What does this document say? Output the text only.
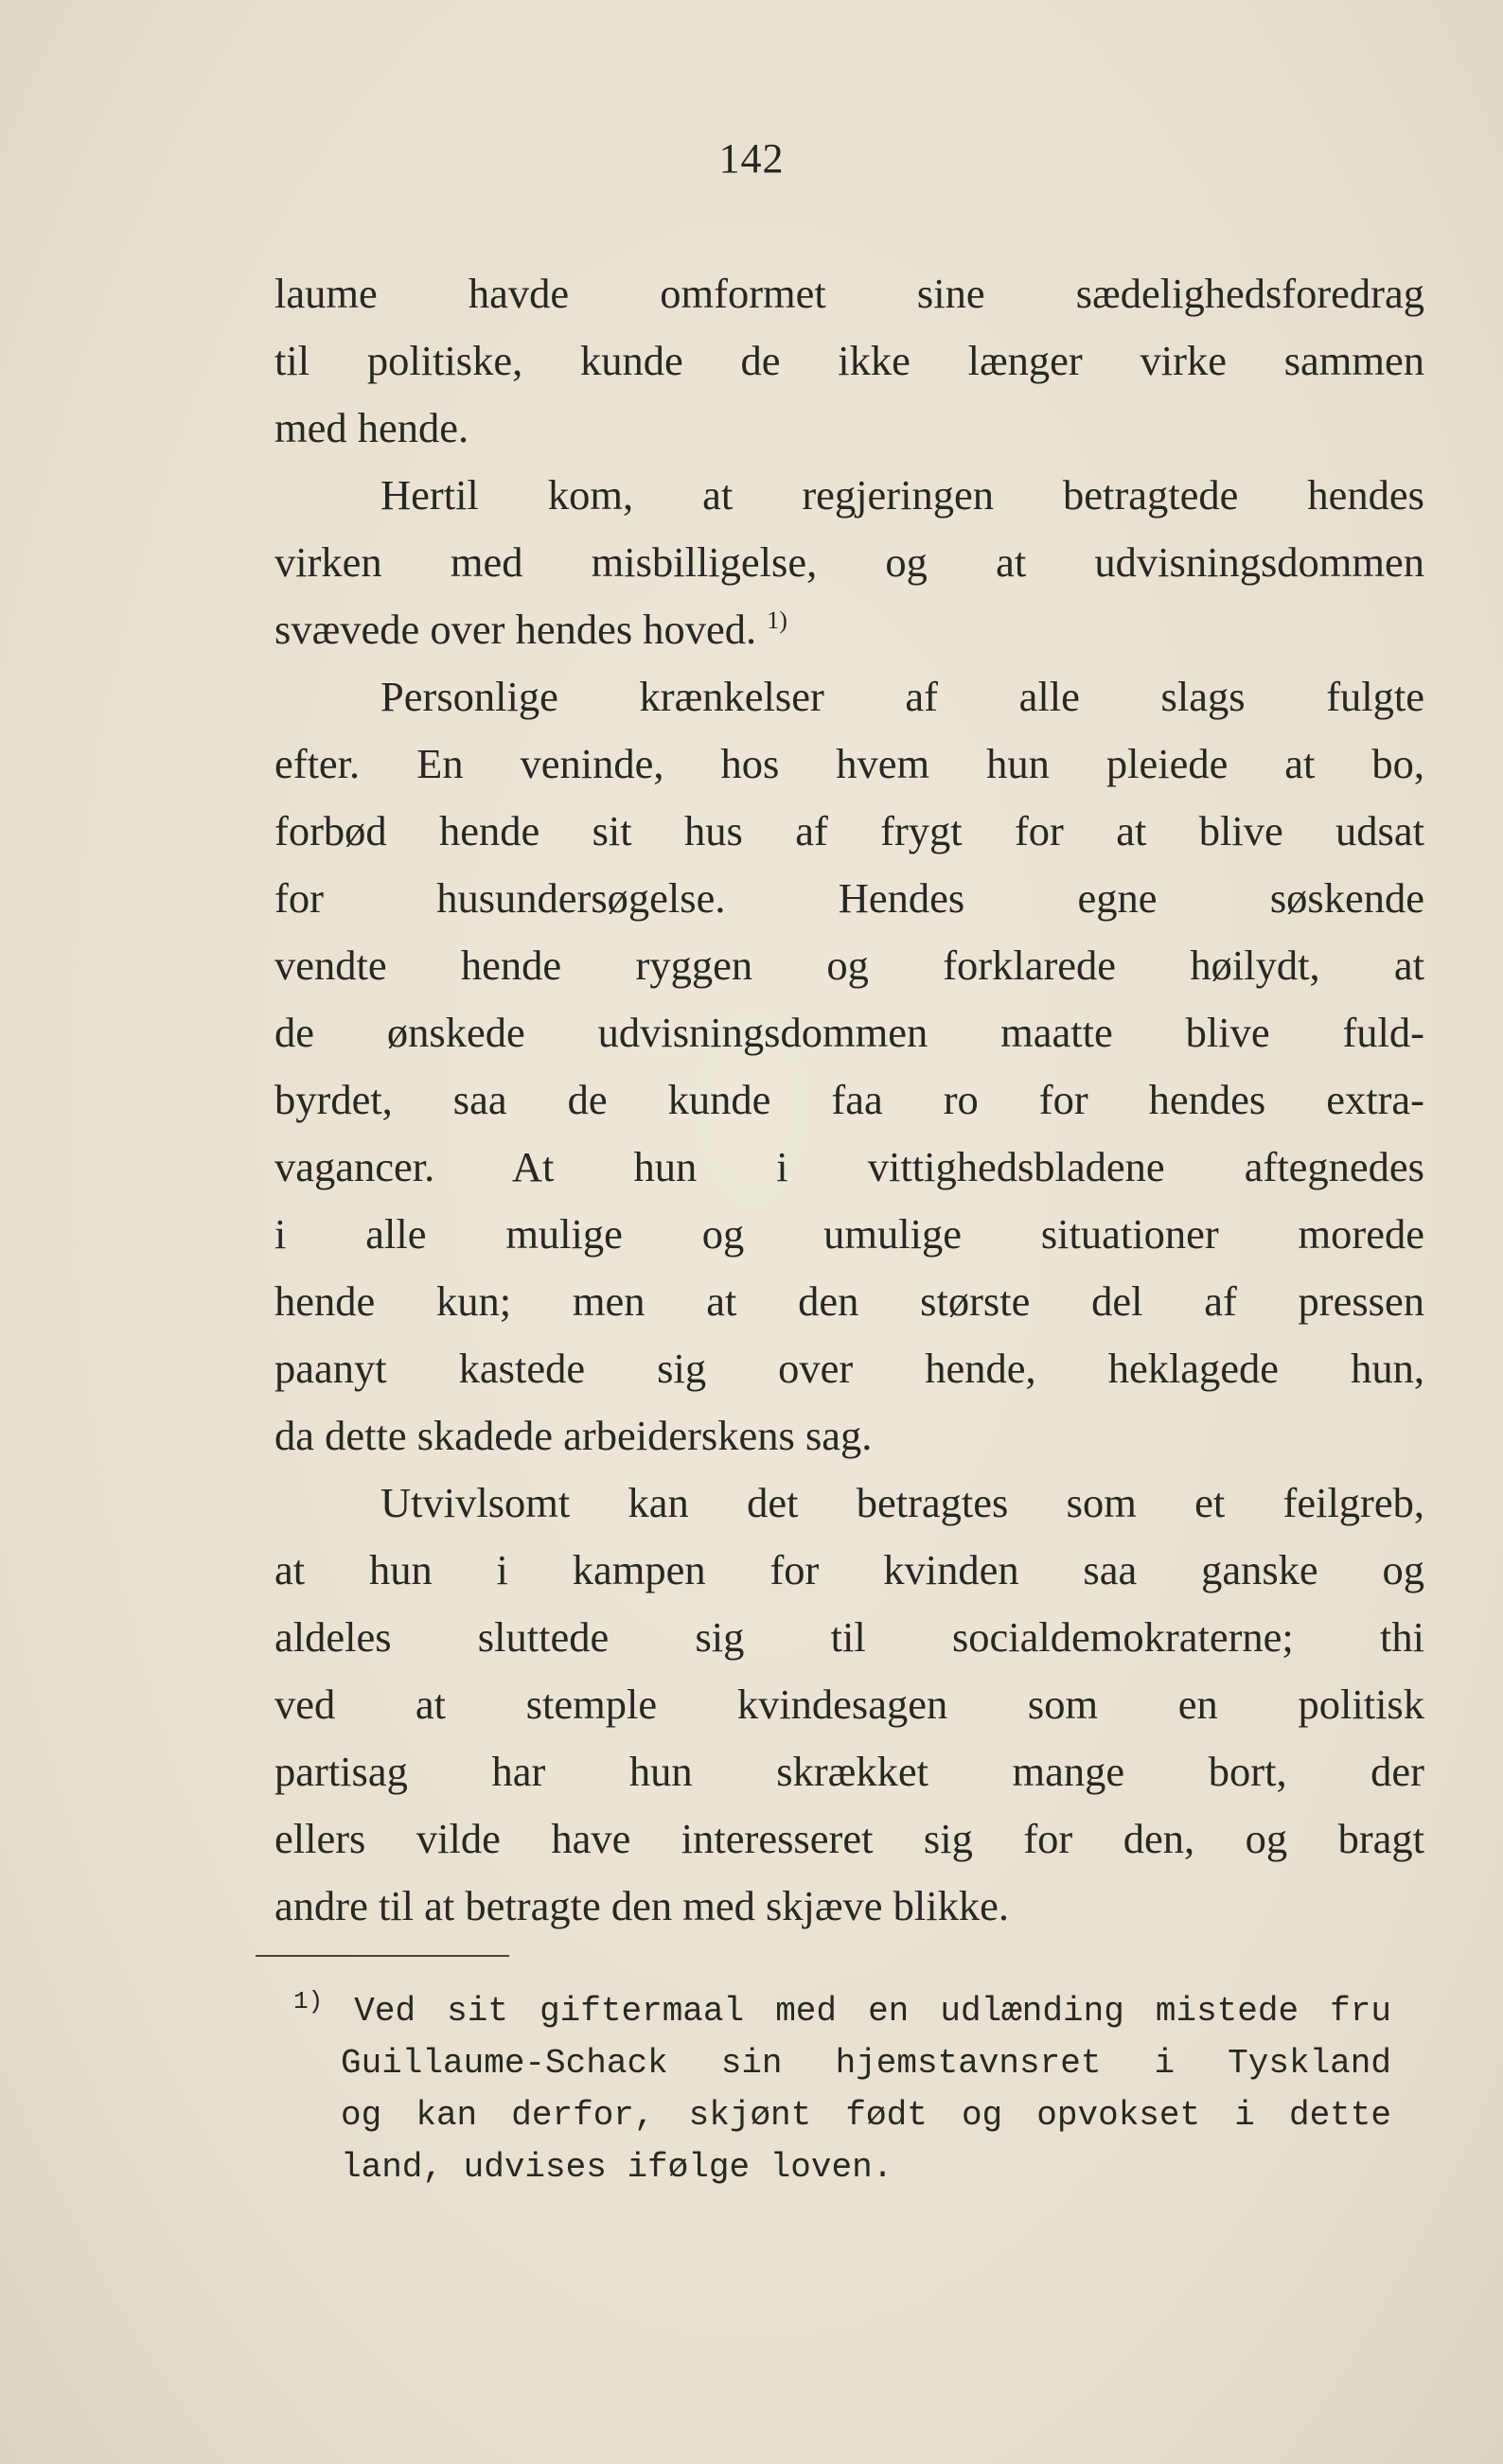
142
laume havde omformet sine sædelighedsforedrag
til politiske, kunde de ikke længer virke sammen
med hende.
Hertil kom, at regjeringen betragtede hendes
virken med misbilligelse, og at udvisningsdommen
svævede over hendes hoved. $^{1)}$
Personlige krænkelser af alle slags fulgte
efter. En veninde, hos hvem hun pleiede at bo,
forbød hende sit hus af frygt for at blive udsat
for husundersøgelse. Hendes egne søskende
vendte hende ryggen og forklarede høilydt, at
de ønskede udvisningsdommen maatte blive fuld-
byrdet, saa de kunde faa ro for hendes extra-
vagancer. At hun i vittighedsbladene aftegnedes
i alle mulige og umulige situationer morede
hende kun; men at den største del af pressen
paanyt kastede sig over hende, heklagede hun,
da dette skadede arbeiderskens sag.
Utvivlsomt kan det betragtes som et feilgreb,
at hun i kampen for kvinden saa ganske og
aldeles sluttede sig til socialdemokraterne; thi
ved at stemple kvindesagen som en politisk
partisag har hun skrækket mange bort, der
ellers vilde have interesseret sig for den, og bragt
andre til at betragte den med skjæve blikke.
$^{1)}$ Ved sit giftermaal med en udlænding mistede fru
Guillaume-Schack sin hjemstavnsret i Tyskland
og kan derfor, skjønt født og opvokset i dette
land, udvises ifølge loven.
